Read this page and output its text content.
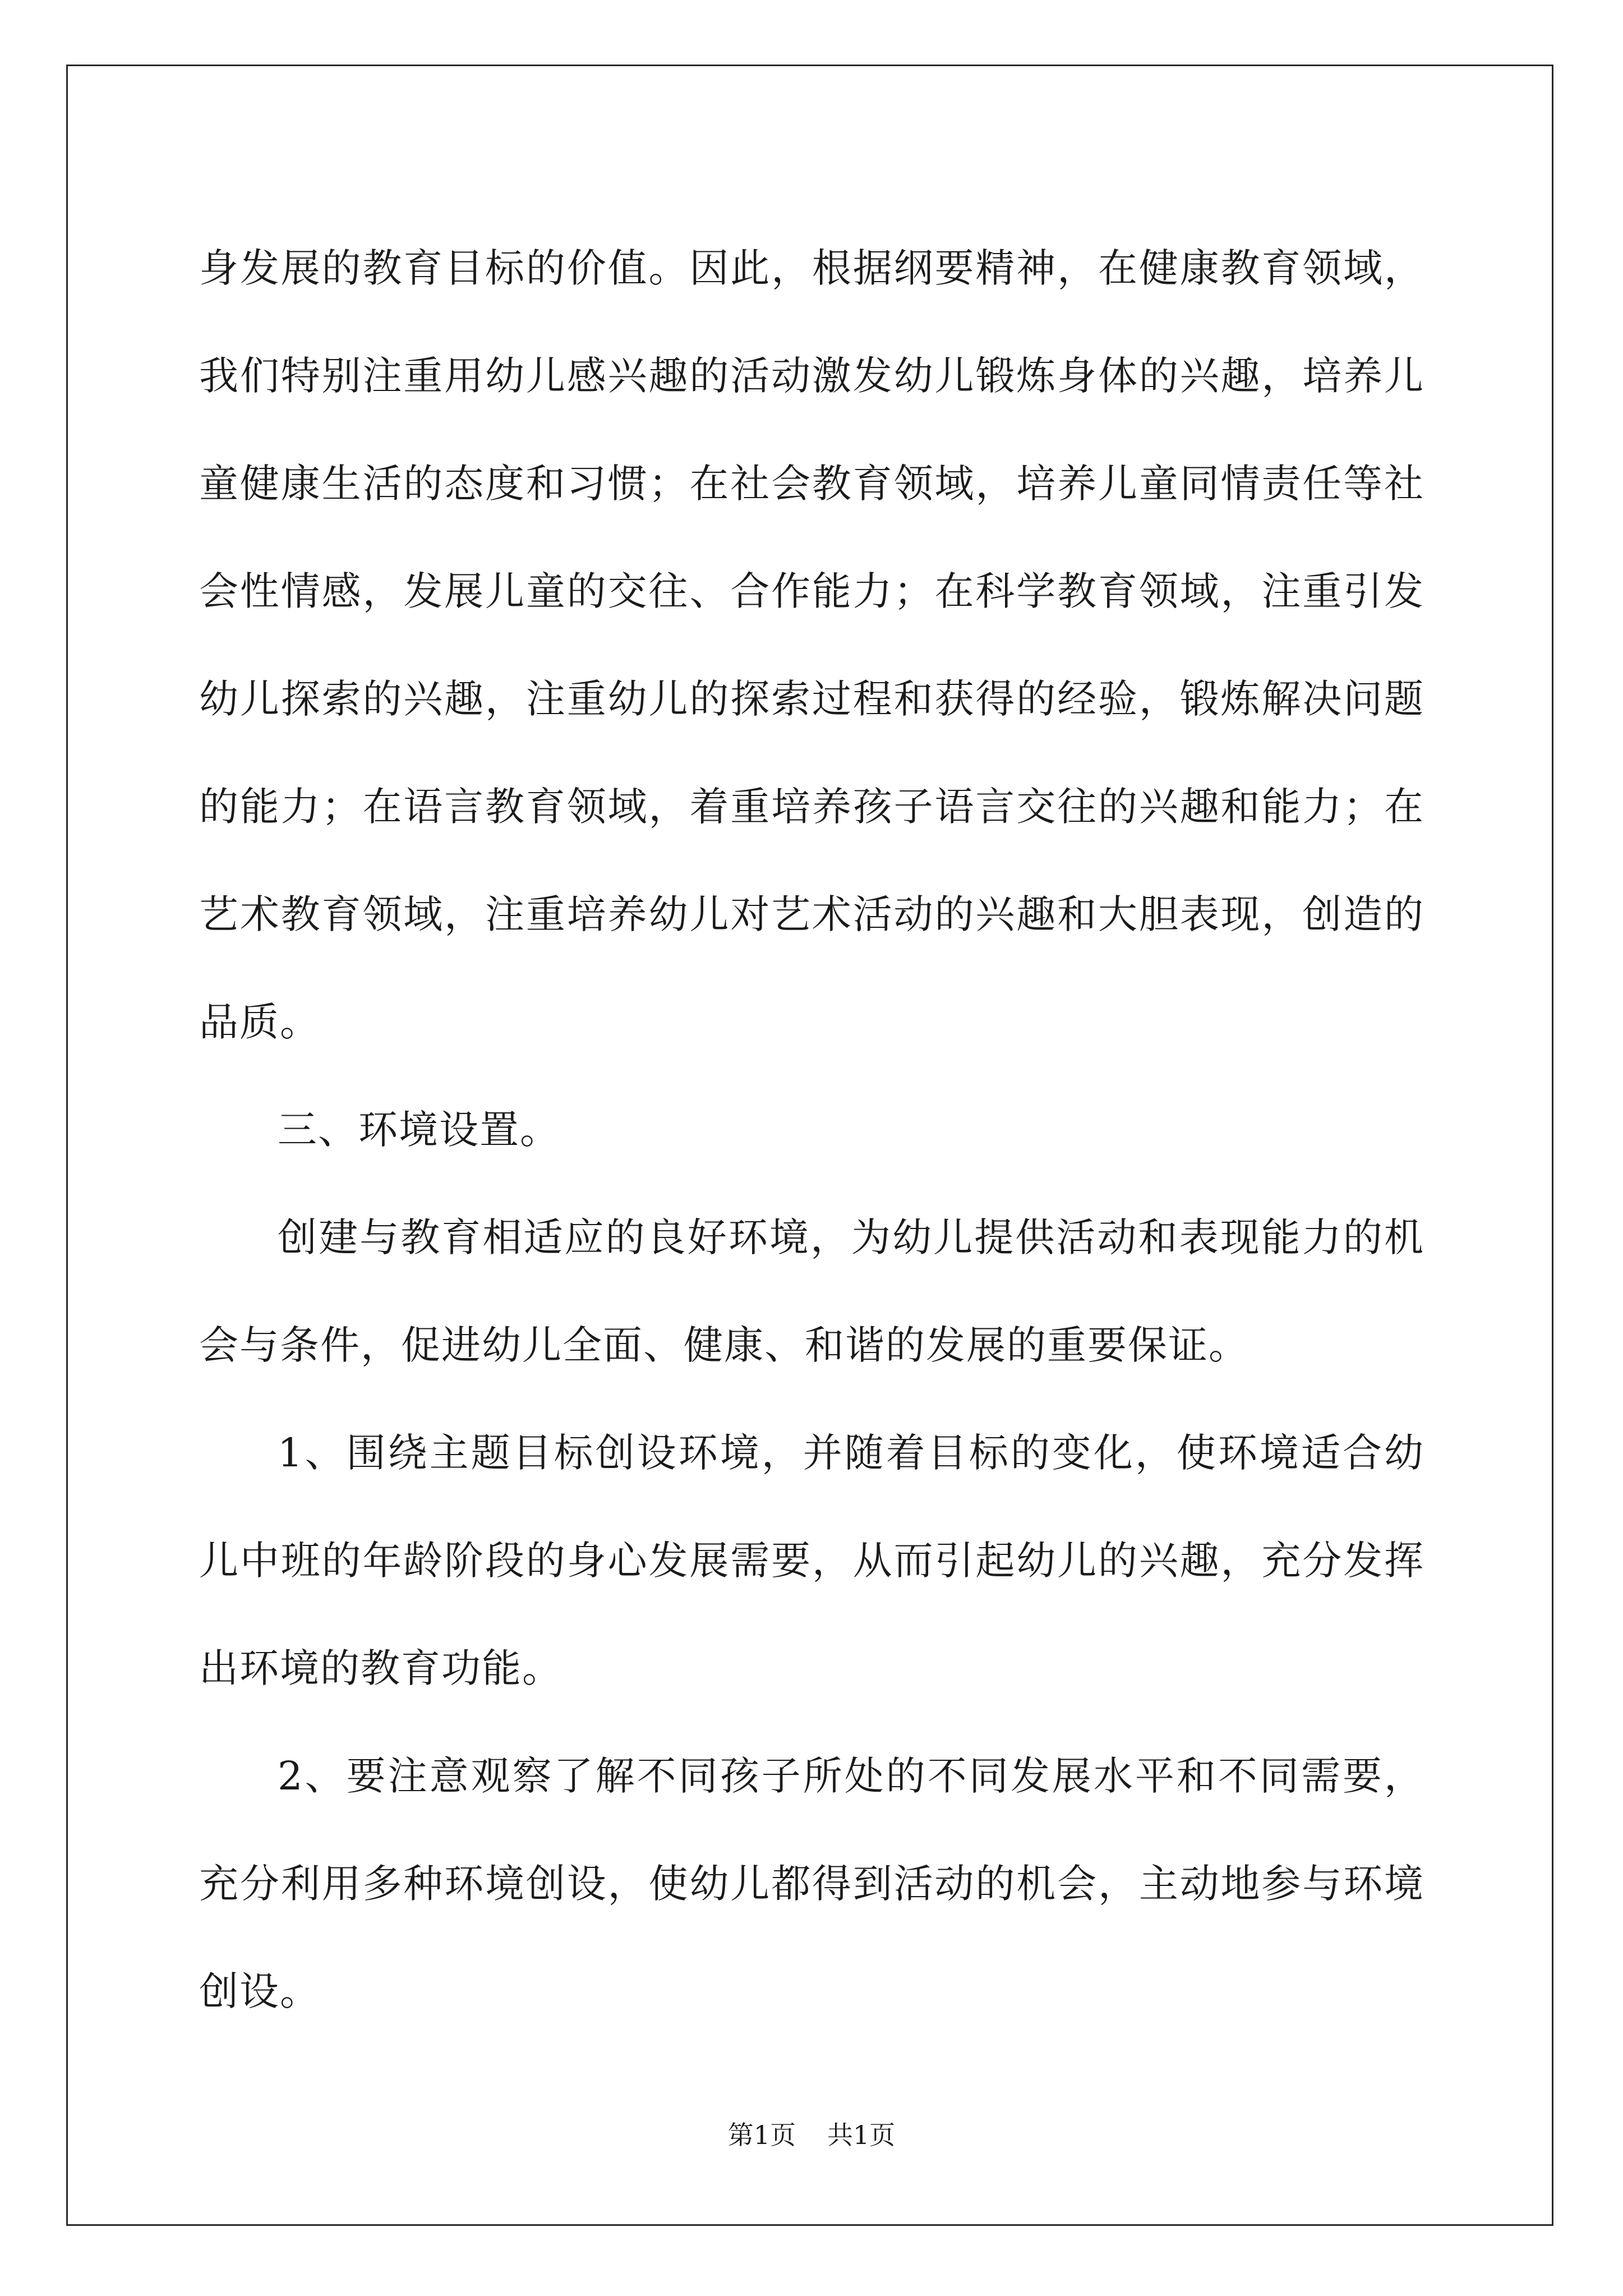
身发展的教育目标的价值。因此，根据纲要精神，在健康教育领域，我们特别注重用幼儿感兴趣的活动激发幼儿锻炼身体的兴趣，培养儿童健康生活的态度和习惯；在社会教育领域，培养儿童同情责任等社会性情感，发展儿童的交往、合作能力；在科学教育领域，注重引发幼儿探索的兴趣，注重幼儿的探索过程和获得的经验，锻炼解决问题的能力；在语言教育领域，着重培养孩子语言交往的兴趣和能力；在艺术教育领域，注重培养幼儿对艺术活动的兴趣和大胆表现，创造的品质。

三、环境设置。

创建与教育相适应的良好环境，为幼儿提供活动和表现能力的机会与条件，促进幼儿全面、健康、和谐的发展的重要保证。

1、围绕主题目标创设环境，并随着目标的变化，使环境适合幼儿中班的年龄阶段的身心发展需要，从而引起幼儿的兴趣，充分发挥出环境的教育功能。

2、要注意观察了解不同孩子所处的不同发展水平和不同需要，充分利用多种环境创设，使幼儿都得到活动的机会，主动地参与环境创设。

第1页 共1页
